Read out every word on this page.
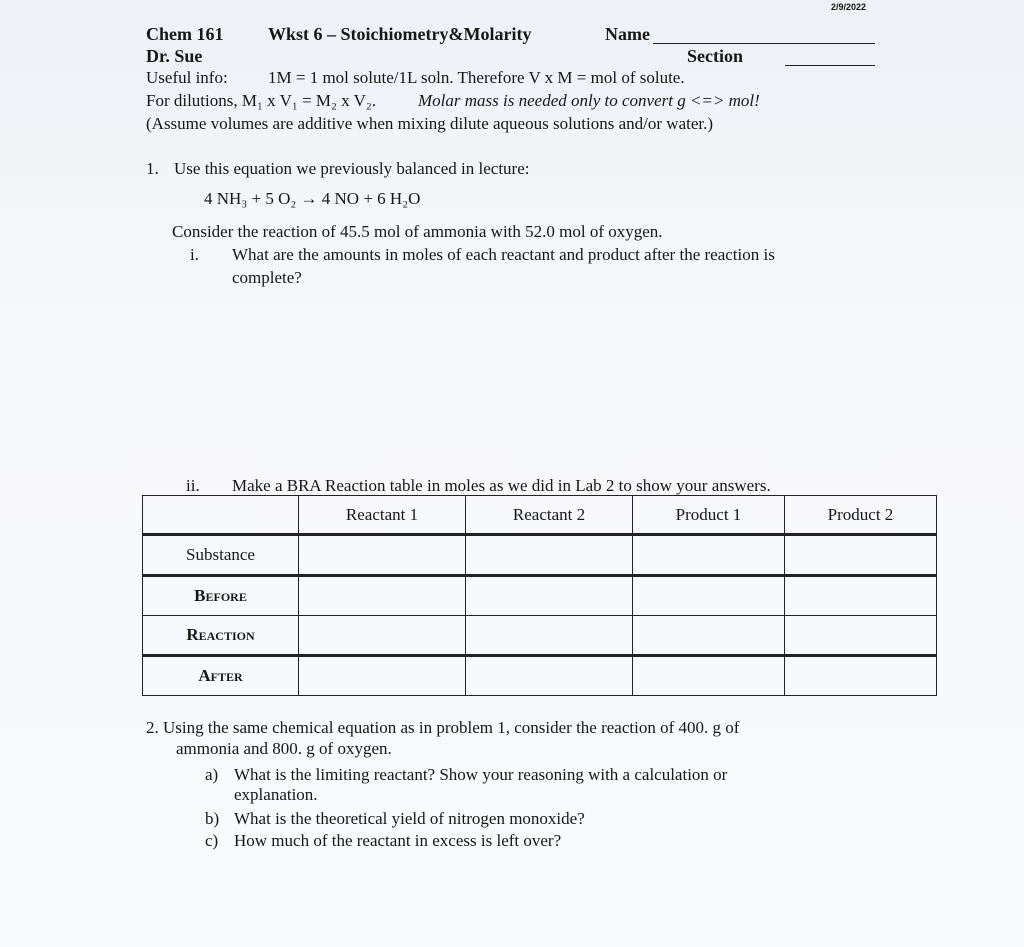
2/9/2022
Chem 161 Wkst 6 – Stoichiometry&Molarity	Name
Dr. Sue	Section
Useful info: 1M = 1 mol solute/1L soln. Therefore V x M = mol of solute.
For dilutions, M₁ x V₁ = M₂ x V₂. Molar mass is needed only to convert g <=> mol!
(Assume volumes are additive when mixing dilute aqueous solutions and/or water.)
1. Use this equation we previously balanced in lecture:
4 NH₃ + 5 O₂ → 4 NO + 6 H₂O
Consider the reaction of 45.5 mol of ammonia with 52.0 mol of oxygen.
i. What are the amounts in moles of each reactant and product after the reaction is
complete?
ii. Make a BRA Reaction table in moles as we did in Lab 2 to show your answers.
	Reactant 1	Reactant 2	Product 1	Product 2
Substance				
Before				
Reaction				
After				
2. Using the same chemical equation as in problem 1, consider the reaction of 400. g of
ammonia and 800. g of oxygen.
a) What is the limiting reactant? Show your reasoning with a calculation or
explanation.
b) What is the theoretical yield of nitrogen monoxide?
c) How much of the reactant in excess is left over?
